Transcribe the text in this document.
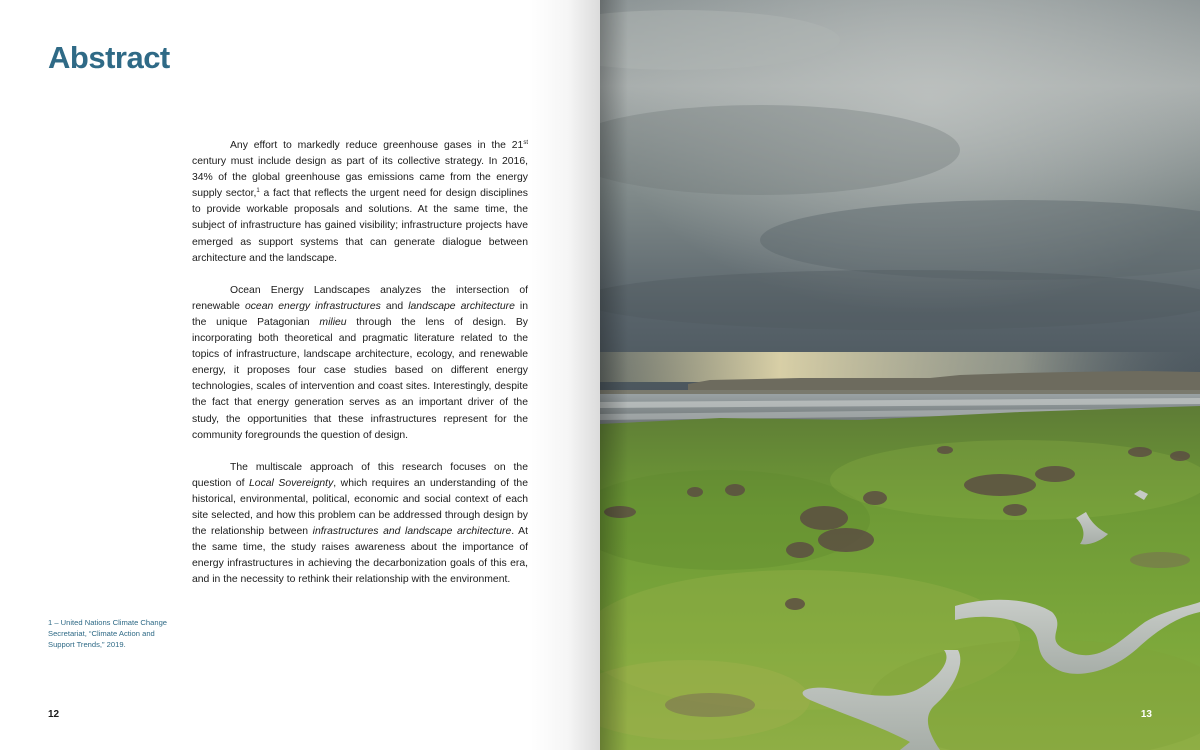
Abstract

Any effort to markedly reduce greenhouse gases in the 21st century must include design as part of its collective strategy. In 2016, 34% of the global greenhouse gas emissions came from the energy supply sector,$^1$ a fact that reflects the urgent need for design disciplines to provide workable proposals and solutions. At the same time, the subject of infrastructure has gained visibility; infrastructure projects have emerged as support systems that can generate dialogue between architecture and the landscape.

Ocean Energy Landscapes analyzes the intersection of renewable ocean energy infrastructures and landscape architecture in the unique Patagonian milieu through the lens of design. By incorporating both theoretical and pragmatic literature related to the topics of infrastructure, landscape architecture, ecology, and renewable energy, it proposes four case studies based on different energy technologies, scales of intervention and coast sites. Interestingly, despite the fact that energy generation serves as an important driver of the study, the opportunities that these infrastructures represent for the community foregrounds the question of design.

The multiscale approach of this research focuses on the question of Local Sovereignty, which requires an understanding of the historical, environmental, political, economic and social context of each site selected, and how this problem can be addressed through design by the relationship between infrastructures and landscape architecture. At the same time, the study raises awareness about the importance of energy infrastructures in achieving the decarbonization goals of this era, and in the necessity to rethink their relationship with the environment.

1 – United Nations Climate Change Secretariat, “Climate Action and Support Trends,” 2019.
12	13
